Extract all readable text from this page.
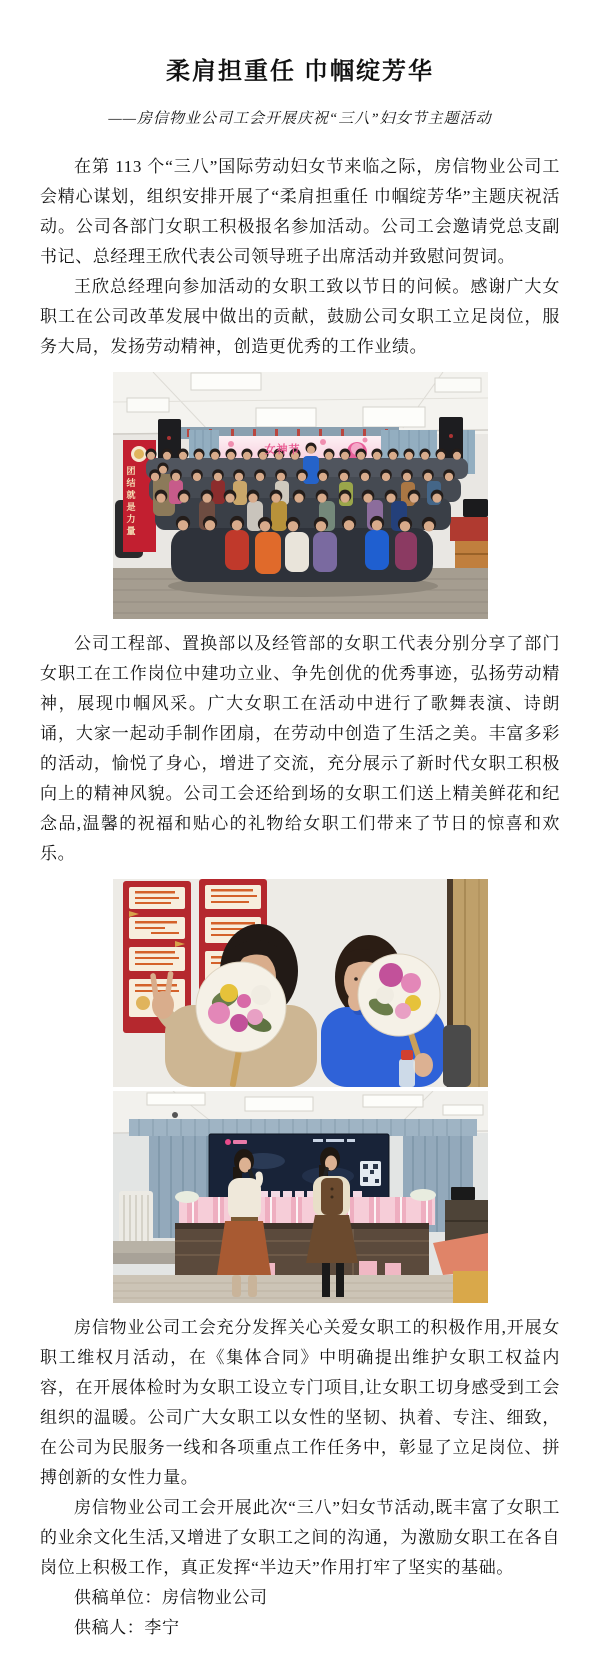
柔肩担重任 巾帼绽芳华
——房信物业公司工会开展庆祝“三八”妇女节主题活动

在第 113 个“三八”国际劳动妇女节来临之际，房信物业公司工会精心谋划，组织安排开展了“柔肩担重任 巾帼绽芳华”主题庆祝活动。公司各部门女职工积极报名参加活动。公司工会邀请党总支副书记、总经理王欣代表公司领导班子出席活动并致慰问贺词。

王欣总经理向参加活动的女职工致以节日的问候。感谢广大女职工在公司改革发展中做出的贡献，鼓励公司女职工立足岗位，服务大局，发扬劳动精神，创造更优秀的工作业绩。

团结就是力量
女神节

公司工程部、置换部以及经管部的女职工代表分别分享了部门女职工在工作岗位中建功立业、争先创优的优秀事迹，弘扬劳动精神，展现巾帼风采。广大女职工在活动中进行了歌舞表演、诗朗诵，大家一起动手制作团扇，在劳动中创造了生活之美。丰富多彩的活动，愉悦了身心，增进了交流，充分展示了新时代女职工积极向上的精神风貌。公司工会还给到场的女职工们送上精美鲜花和纪念品,温馨的祝福和贴心的礼物给女职工们带来了节日的惊喜和欢乐。

房信物业公司工会充分发挥关心关爱女职工的积极作用,开展女职工维权月活动，在《集体合同》中明确提出维护女职工权益内容，在开展体检时为女职工设立专门项目,让女职工切身感受到工会组织的温暖。公司广大女职工以女性的坚韧、执着、专注、细致，在公司为民服务一线和各项重点工作任务中，彰显了立足岗位、拼搏创新的女性力量。

房信物业公司工会开展此次“三八”妇女节活动,既丰富了女职工的业余文化生活,又增进了女职工之间的沟通，为激励女职工在各自岗位上积极工作，真正发挥“半边天”作用打牢了坚实的基础。

供稿单位：房信物业公司

供稿人：李宁
